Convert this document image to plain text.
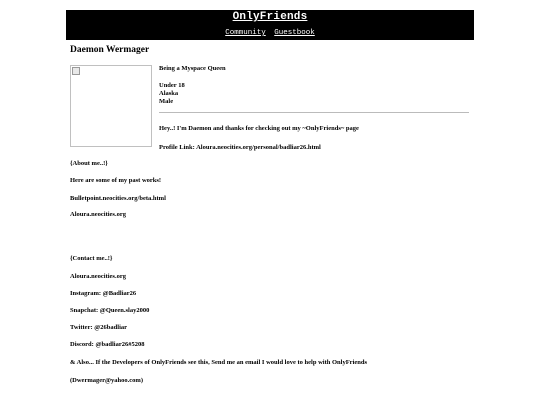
OnlyFriends
Community Guestbook
Daemon Wermager

Being a Myspace Queen

Under 18

Alaska

Male

Hey..! I'm Daemon and thanks for checking out my ~OnlyFriends~ page

Profile Link: Aloura.neocities.org/personal/badliar26.html

{About me..!}

Here are some of my past works!

Bulletpoint.neocities.org/beta.html

Aloura.neocities.org

{Contact me..!}

Aloura.neocities.org

Instagram: @Badliar26

Snapchat: @Queen.slay2000

Twitter: @26badliar

Discord: @badliar26#5208

& Also... If the Developers of OnlyFriends see this, Send me an email I would love to help with OnlyFriends

(Dwermager@yahoo.com)
